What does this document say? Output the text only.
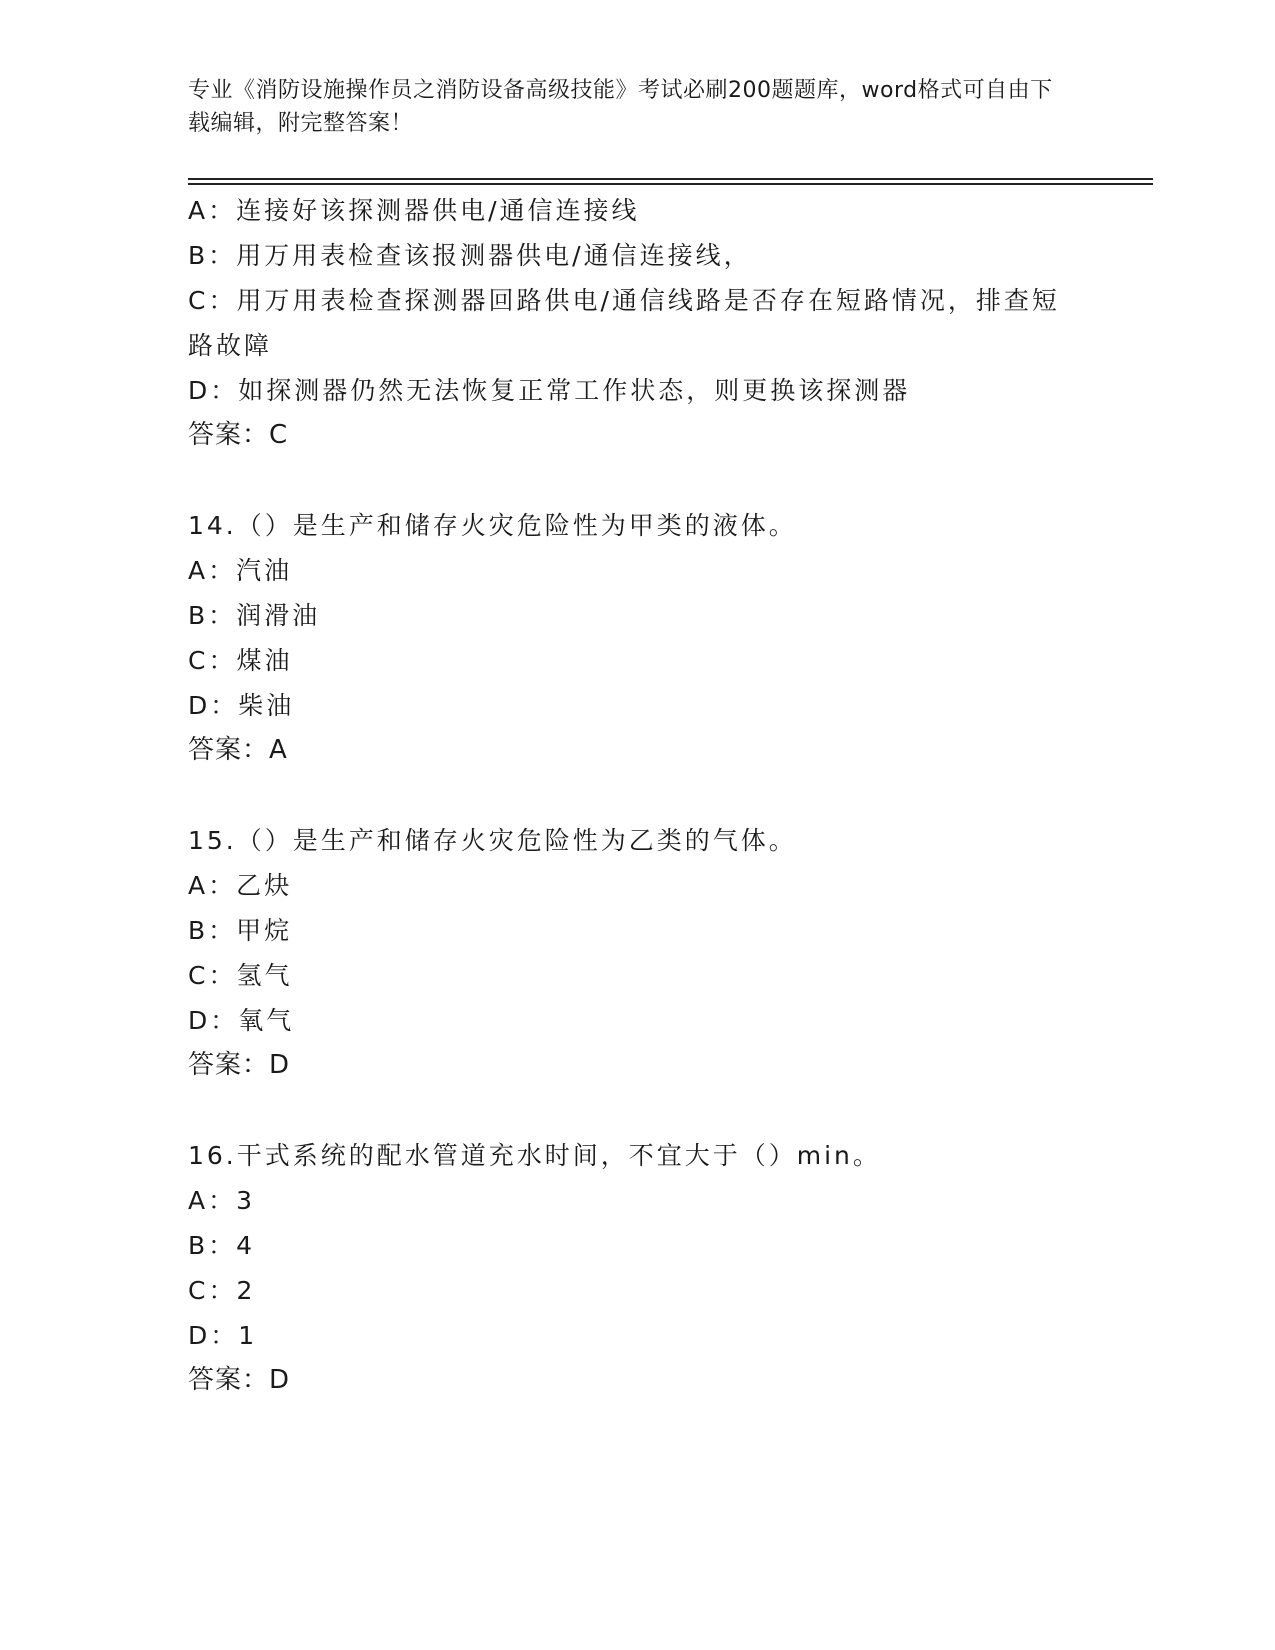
专业《消防设施操作员之消防设备高级技能》考试必刷200题题库，word格式可自由下载编辑，附完整答案！
A：连接好该探测器供电/通信连接线
B：用万用表检查该报测器供电/通信连接线，
C：用万用表检查探测器回路供电/通信线路是否存在短路情况，排查短路故障
D：如探测器仍然无法恢复正常工作状态，则更换该探测器
答案：C
14.（）是生产和储存火灾危险性为甲类的液体。
A：汽油
B：润滑油
C：煤油
D：柴油
答案：A
15.（）是生产和储存火灾危险性为乙类的气体。
A：乙炔
B：甲烷
C：氢气
D：氧气
答案：D
16.干式系统的配水管道充水时间，不宜大于（）min。
A：3
B：4
C：2
D：1
答案：D
